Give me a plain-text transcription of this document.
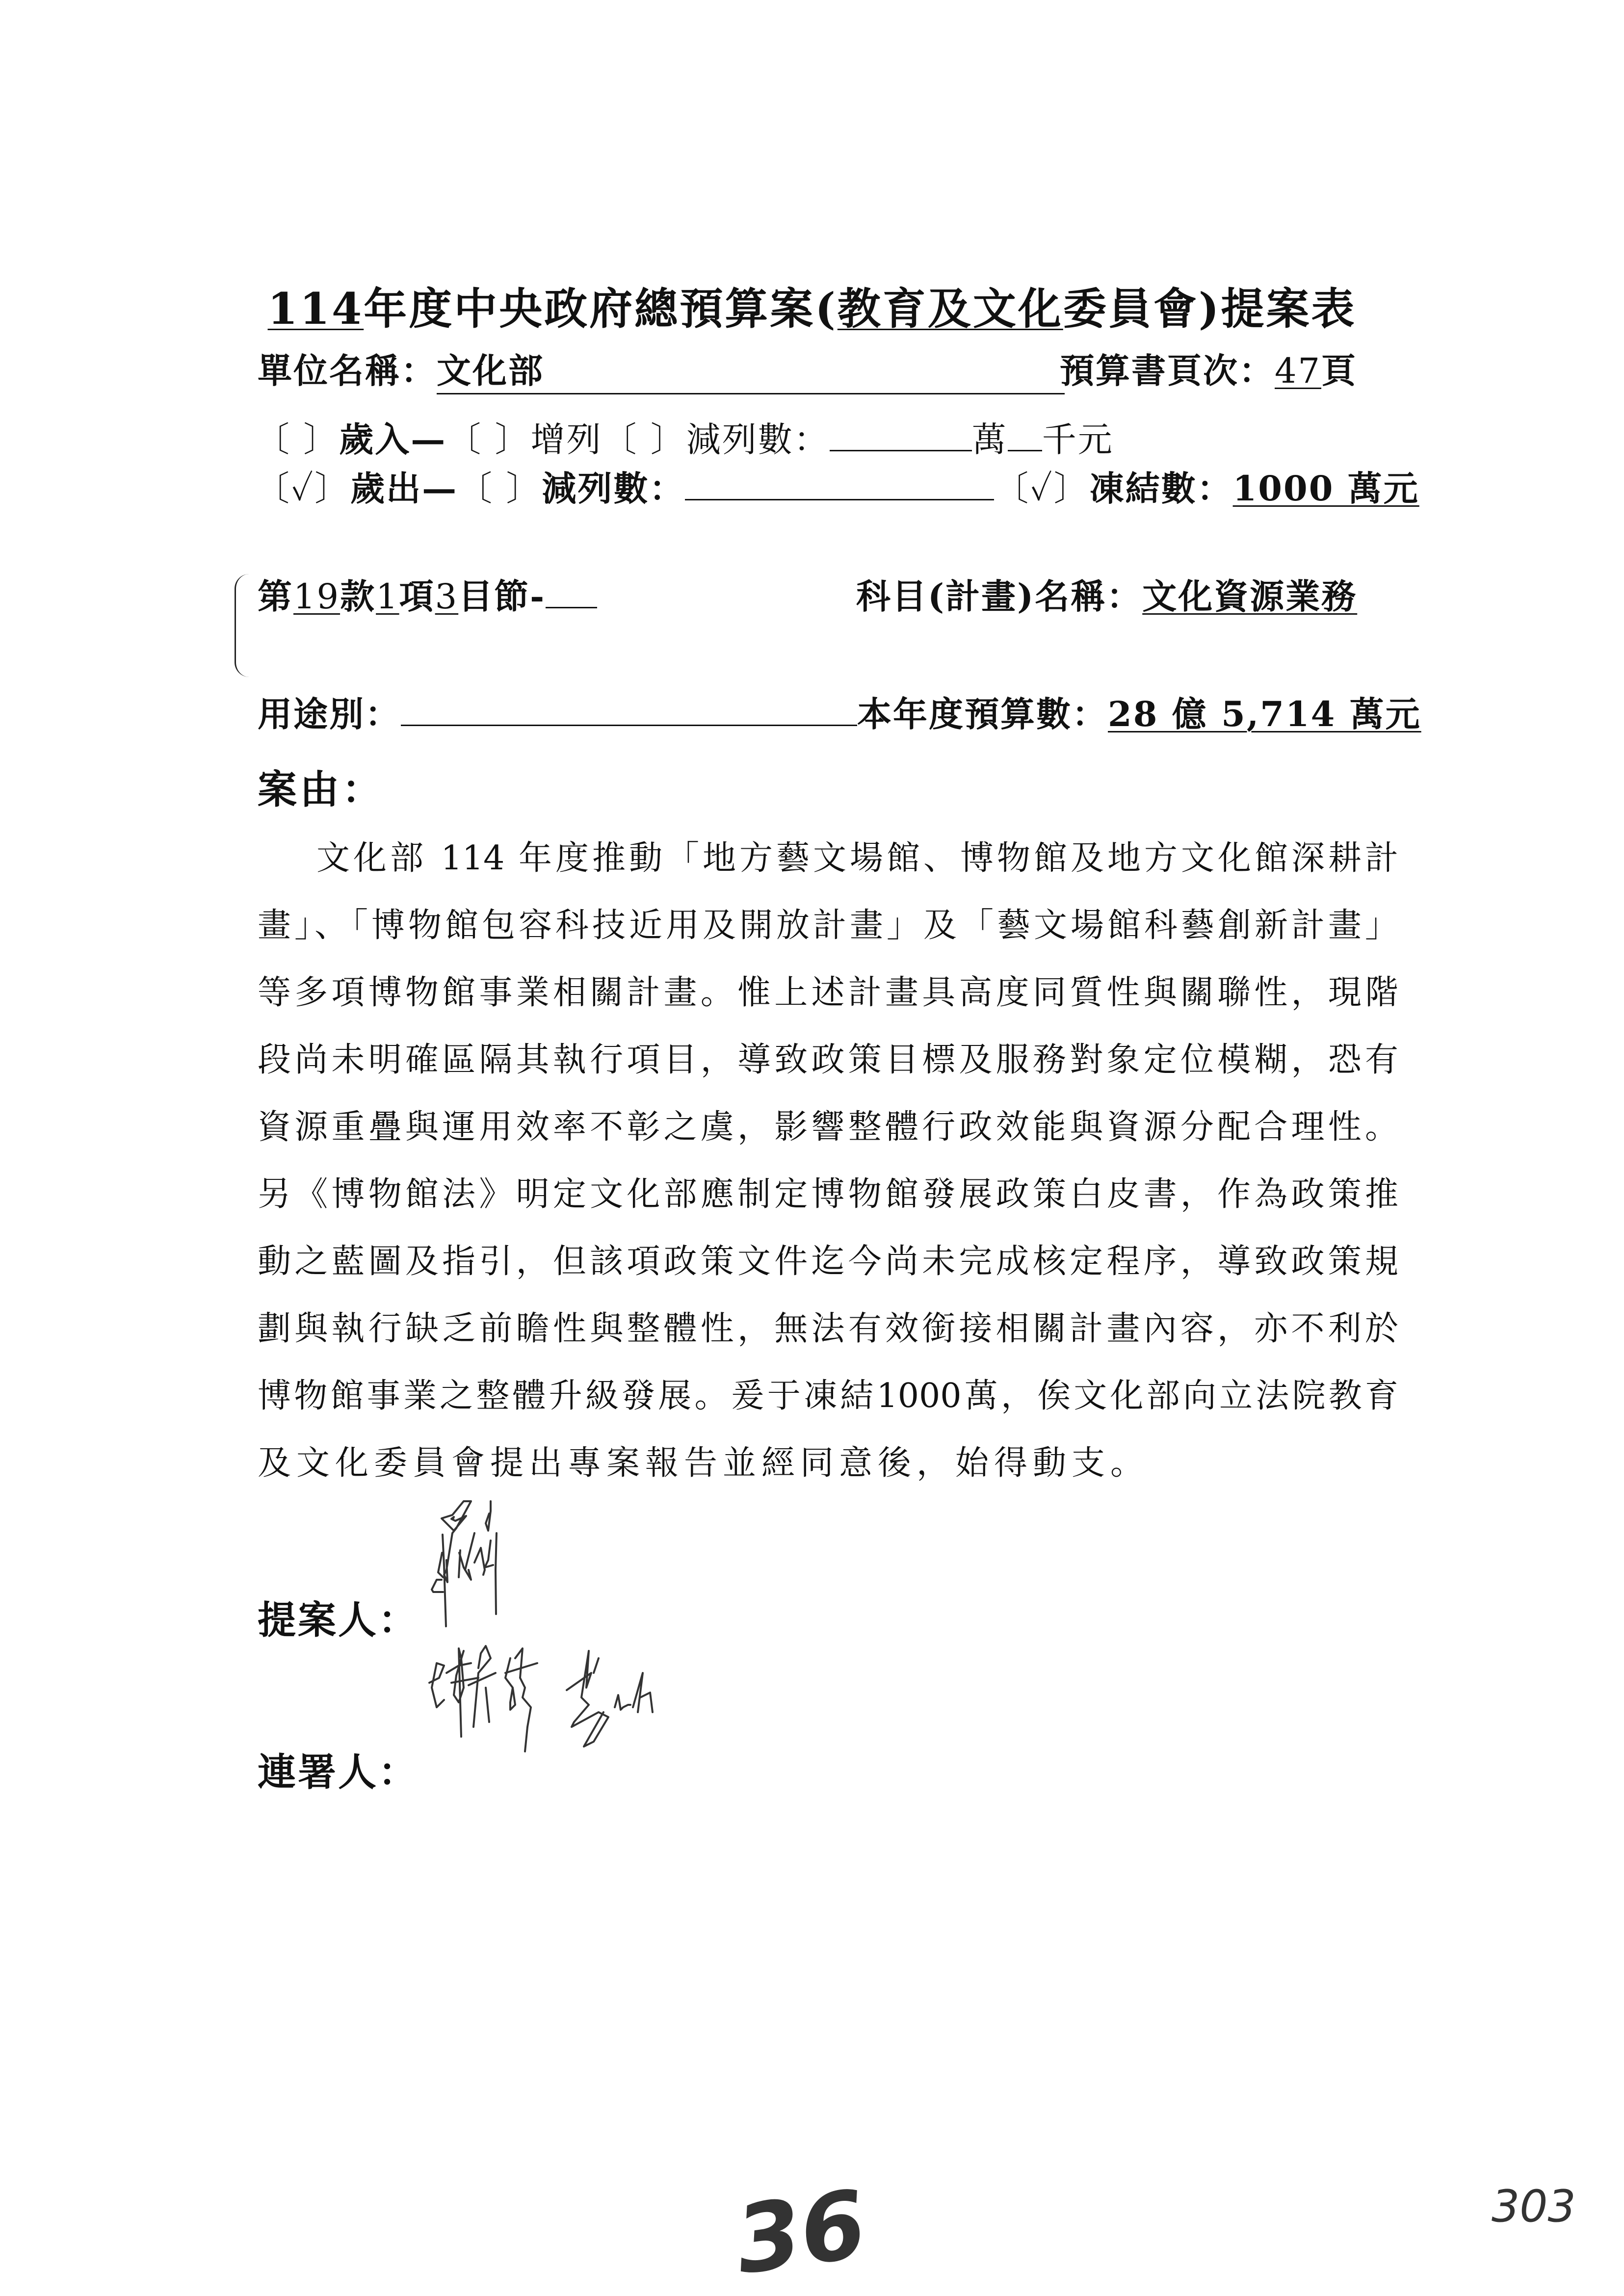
114年度中央政府總預算案(教育及文化委員會)提案表
單位名稱：文化部	預算書頁次：47頁
〔 〕歲入—〔 〕增列〔 〕減列數：	萬 千元
〔✓〕歲出—〔 〕減列數：	〔✓〕凍結數：1000 萬元
第19款1項3目節-	科目(計畫)名稱：文化資源業務
用途別：	本年度預算數：28 億 5,714 萬元
案由：
文化部 114 年度推動「地方藝文場館、博物館及地方文化館深耕計
畫」、「博物館包容科技近用及開放計畫」及「藝文場館科藝創新計畫」
等多項博物館事業相關計畫。惟上述計畫具高度同質性與關聯性，現階
段尚未明確區隔其執行項目，導致政策目標及服務對象定位模糊，恐有
資源重疊與運用效率不彰之虞，影響整體行政效能與資源分配合理性。
另《博物館法》明定文化部應制定博物館發展政策白皮書，作為政策推
動之藍圖及指引，但該項政策文件迄今尚未完成核定程序，導致政策規
劃與執行缺乏前瞻性與整體性，無法有效銜接相關計畫內容，亦不利於
博物館事業之整體升級發展。爰于凍結1000萬，俟文化部向立法院教育
及文化委員會提出專案報告並經同意後，始得動支。
提案人：
連署人：
36	303
